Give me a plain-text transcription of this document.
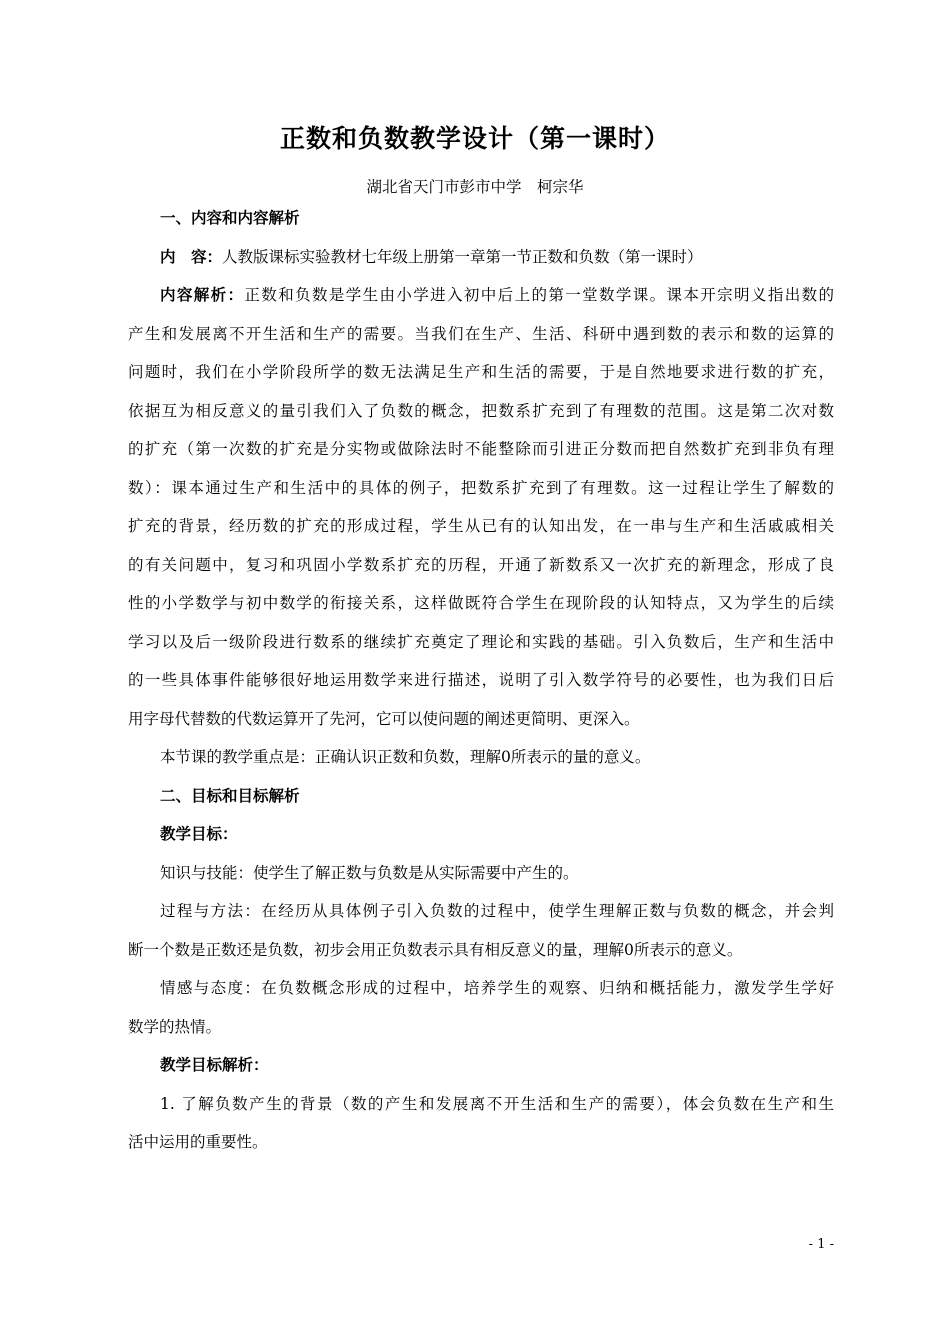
正数和负数教学设计（第一课时）
湖北省天门市彭市中学　柯宗华
一、内容和内容解析
内　容：人教版课标实验教材七年级上册第一章第一节正数和负数（第一课时）
内容解析：正数和负数是学生由小学进入初中后上的第一堂数学课。课本开宗明义指出数的
产生和发展离不开生活和生产的需要。当我们在生产、生活、科研中遇到数的表示和数的运算的
问题时，我们在小学阶段所学的数无法满足生产和生活的需要，于是自然地要求进行数的扩充，
依据互为相反意义的量引我们入了负数的概念，把数系扩充到了有理数的范围。这是第二次对数
的扩充（第一次数的扩充是分实物或做除法时不能整除而引进正分数而把自然数扩充到非负有理
数）：课本通过生产和生活中的具体的例子，把数系扩充到了有理数。这一过程让学生了解数的
扩充的背景，经历数的扩充的形成过程，学生从已有的认知出发，在一串与生产和生活戚戚相关
的有关问题中，复习和巩固小学数系扩充的历程，开通了新数系又一次扩充的新理念，形成了良
性的小学数学与初中数学的衔接关系，这样做既符合学生在现阶段的认知特点，又为学生的后续
学习以及后一级阶段进行数系的继续扩充奠定了理论和实践的基础。引入负数后，生产和生活中
的一些具体事件能够很好地运用数学来进行描述，说明了引入数学符号的必要性，也为我们日后
用字母代替数的代数运算开了先河，它可以使问题的阐述更简明、更深入。
本节课的教学重点是：正确认识正数和负数，理解0所表示的量的意义。
二、目标和目标解析
教学目标：
知识与技能：使学生了解正数与负数是从实际需要中产生的。
过程与方法：在经历从具体例子引入负数的过程中，使学生理解正数与负数的概念，并会判
断一个数是正数还是负数，初步会用正负数表示具有相反意义的量，理解0所表示的意义。
情感与态度：在负数概念形成的过程中，培养学生的观察、归纳和概括能力，激发学生学好
数学的热情。
教学目标解析：
1. 了解负数产生的背景（数的产生和发展离不开生活和生产的需要），体会负数在生产和生
活中运用的重要性。
- 1 -
